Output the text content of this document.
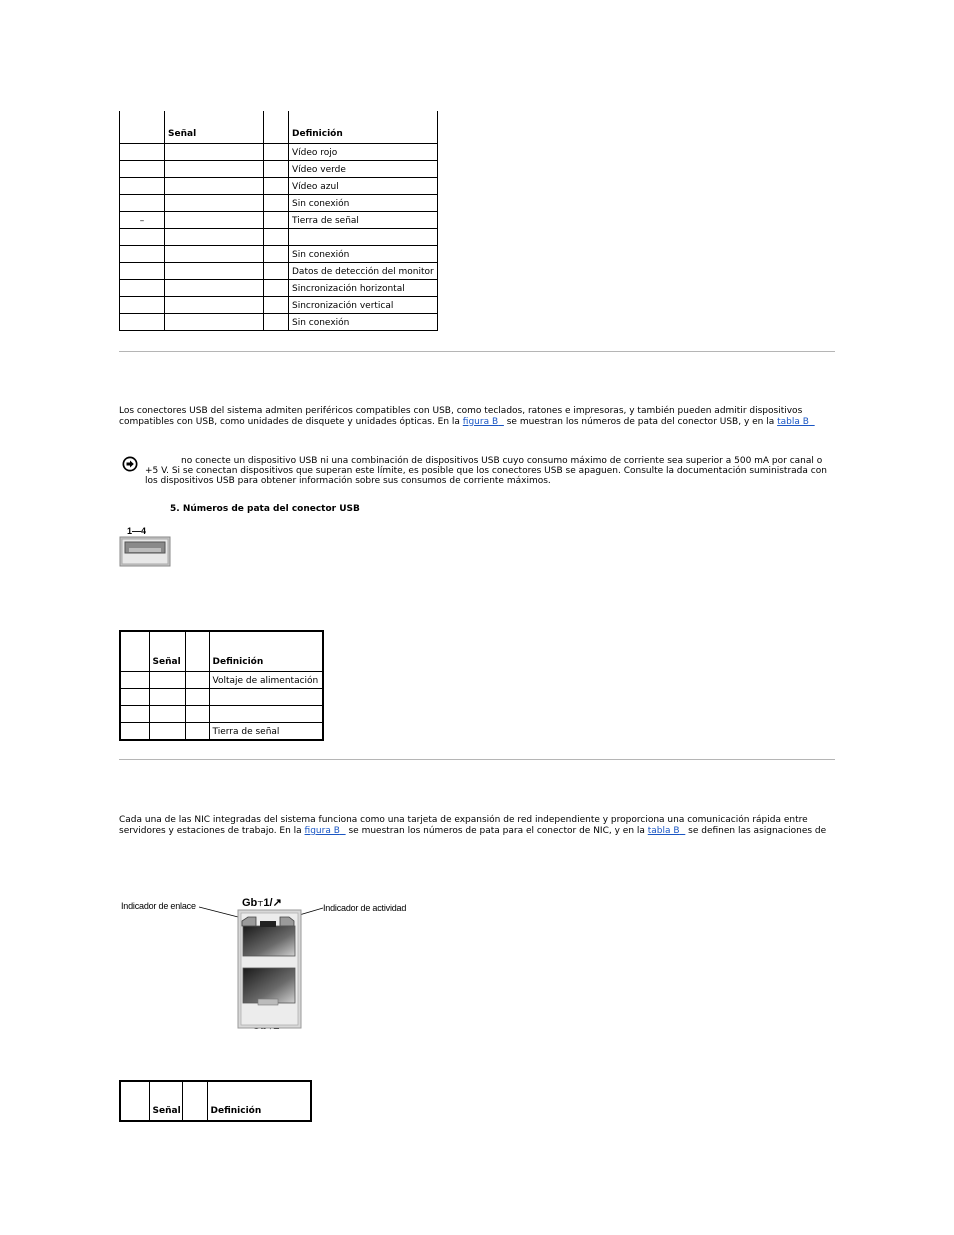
	Señal		Definición
			Vídeo rojo
			Vídeo verde
			Vídeo azul
			Sin conexión
–			Tierra de señal

			Sin conexión
			Datos de detección del monitor
			Sincronización horizontal
			Sincronización vertical
			Sin conexión
Los conectores USB del sistema admiten periféricos compatibles con USB, como teclados, ratones e impresoras, y también pueden admitir dispositivos compatibles con USB, como unidades de disquete y unidades ópticas. En la figura B   se muestran los números de pata del conector USB, y en la tabla B
no conecte un dispositivo USB ni una combinación de dispositivos USB cuyo consumo máximo de corriente sea superior a 500 mA por canal o +5 V. Si se conectan dispositivos que superan este límite, es posible que los conectores USB se apaguen. Consulte la documentación suministrada con los dispositivos USB para obtener información sobre sus consumos de corriente máximos.
5. Números de pata del conector USB
1—4
	Señal		Definición
			Voltaje de alimentación

			Tierra de señal
Cada una de las NIC integradas del sistema funciona como una tarjeta de expansión de red independiente y proporciona una comunicación rápida entre servidores y estaciones de trabajo. En la figura B   se muestran los números de pata para el conector de NIC, y en la tabla B   se definen las asignaciones de
Indicador de enlace	Indicador de actividad
Gb⊤1/↗
	Señal		Definición
